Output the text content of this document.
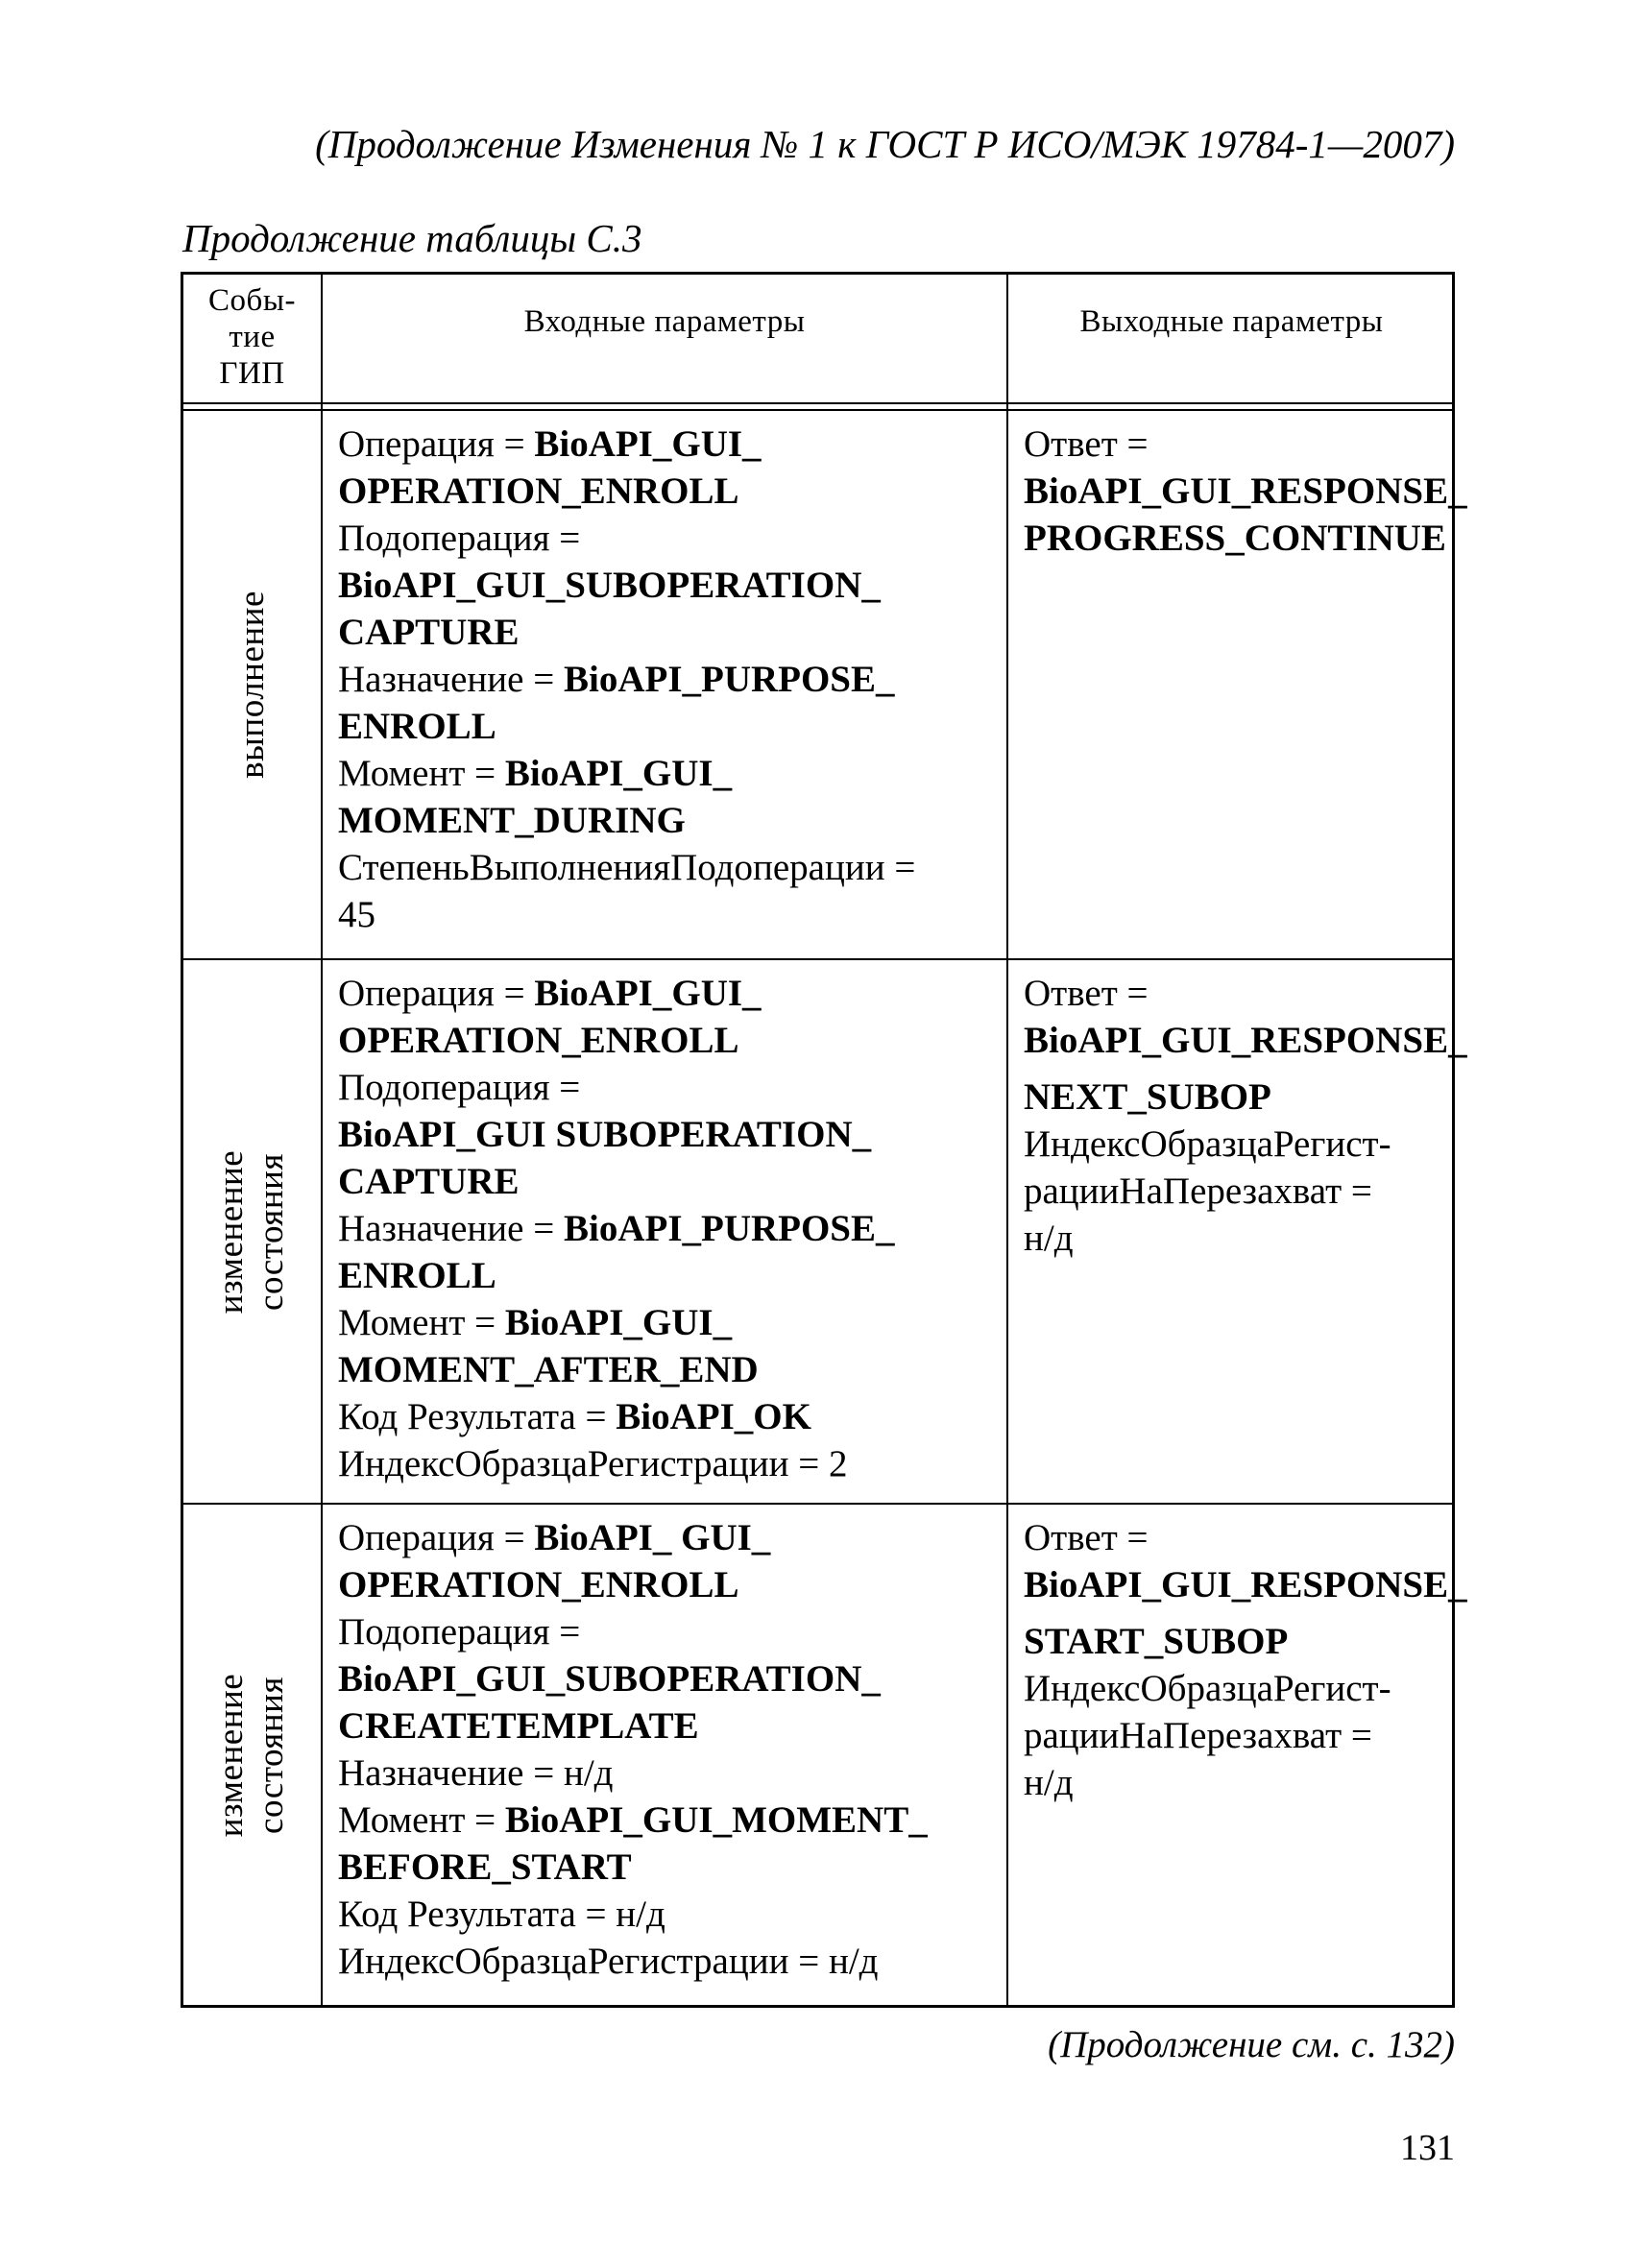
(Продолжение Изменения № 1 к ГОСТ Р ИСО/МЭК 19784-1—2007)
Продолжение таблицы С.3
Собы-
тие
ГИП
Входные параметры	Выходные параметры
выполнение
Операция = BioAPI_GUI_
OPERATION_ENROLL
Подоперация =
BioAPI_GUI_SUBOPERATION_
CAPTURE
Назначение = BioAPI_PURPOSE_
ENROLL
Момент = BioAPI_GUI_
MOMENT_DURING
СтепеньВыполненияПодоперации =
45
Ответ =
BioAPI_GUI_RESPONSE_
PROGRESS_CONTINUE
изменение состояния
Операция = BioAPI_GUI_
OPERATION_ENROLL
Подоперация =
BioAPI_GUI SUBOPERATION_
CAPTURE
Назначение = BioAPI_PURPOSE_
ENROLL
Момент = BioAPI_GUI_
MOMENT_AFTER_END
Код Результата = BioAPI_OK
ИндексОбразцаРегистрации = 2
Ответ =
BioAPI_GUI_RESPONSE_
NEXT_SUBOP
ИндексОбразцаРегист-
рацииНаПерезахват =
н/д
изменение состояния
Операция = BioAPI_ GUI_
OPERATION_ENROLL
Подоперация =
BioAPI_GUI_SUBOPERATION_
CREATETEMPLATE
Назначение = н/д
Момент = BioAPI_GUI_MOMENT_
BEFORE_START
Код Результата = н/д
ИндексОбразцаРегистрации = н/д
Ответ =
BioAPI_GUI_RESPONSE_
START_SUBOP
ИндексОбразцаРегист-
рацииНаПерезахват =
н/д
(Продолжение см. с. 132)
131
